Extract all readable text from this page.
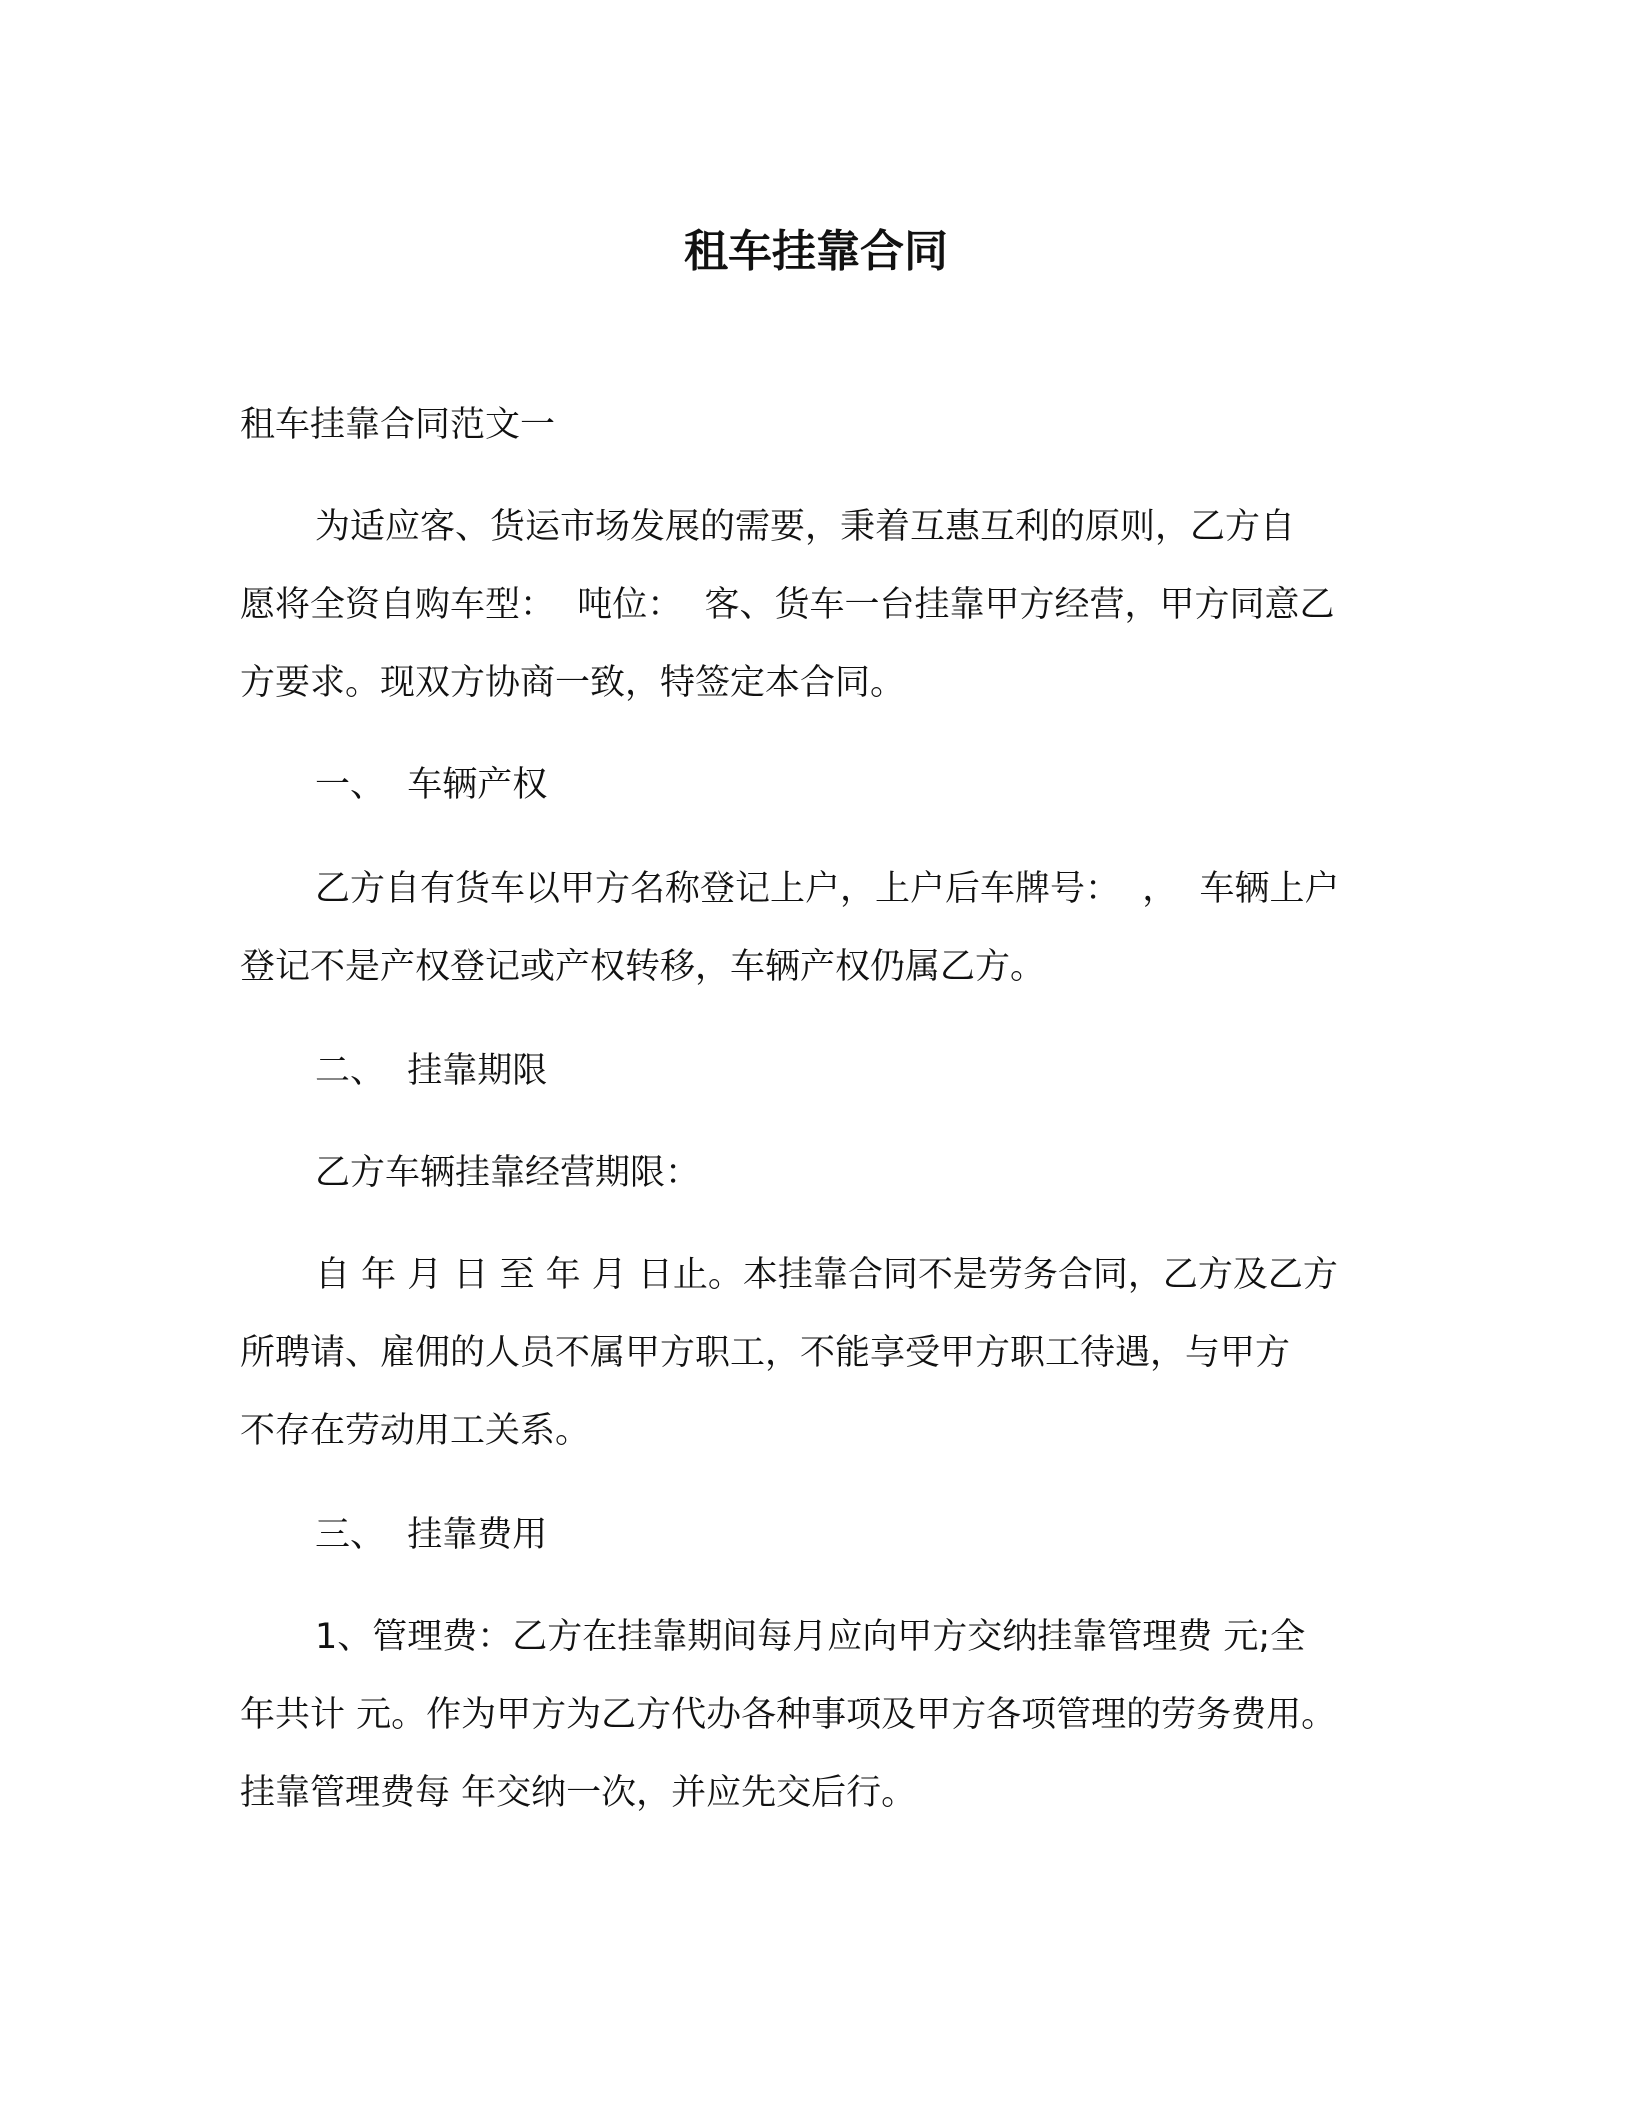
租车挂靠合同

租车挂靠合同范文一

为适应客、货运市场发展的需要，秉着互惠互利的原则，乙方自

愿将全资自购车型：  吨位：  客、货车一台挂靠甲方经营，甲方同意乙

方要求。现双方协商一致，特签定本合同。

一、  车辆产权

乙方自有货车以甲方名称登记上户，上户后车牌号：  ，  车辆上户

登记不是产权登记或产权转移，车辆产权仍属乙方。

二、  挂靠期限

乙方车辆挂靠经营期限：

自 年 月 日 至 年 月 日止。本挂靠合同不是劳务合同，乙方及乙方

所聘请、雇佣的人员不属甲方职工，不能享受甲方职工待遇，与甲方

不存在劳动用工关系。

三、  挂靠费用

1、管理费：乙方在挂靠期间每月应向甲方交纳挂靠管理费 元;全

年共计 元。作为甲方为乙方代办各种事项及甲方各项管理的劳务费用。

挂靠管理费每 年交纳一次，并应先交后行。
